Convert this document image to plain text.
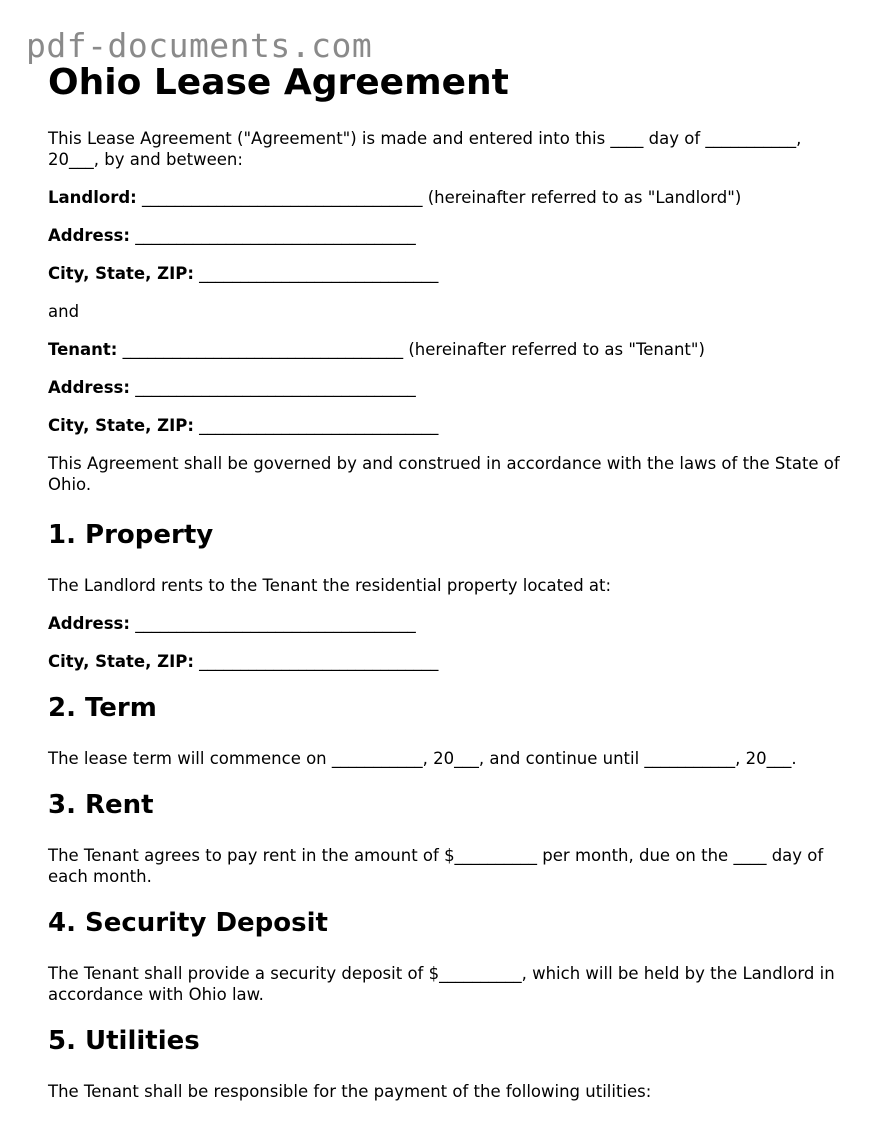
pdf-documents.com
Ohio Lease Agreement

This Lease Agreement ("Agreement") is made and entered into this ____ day of ___________, 20___, by and between:

Landlord: __________________________________ (hereinafter referred to as "Landlord")
Address: __________________________________
City, State, ZIP: _____________________________

and

Tenant: __________________________________ (hereinafter referred to as "Tenant")
Address: __________________________________
City, State, ZIP: _____________________________

This Agreement shall be governed by and construed in accordance with the laws of the State of Ohio.

1. Property

The Landlord rents to the Tenant the residential property located at:

Address: __________________________________
City, State, ZIP: _____________________________
2. Term

The lease term will commence on ___________, 20___, and continue until ___________, 20___.

3. Rent

The Tenant agrees to pay rent in the amount of $__________ per month, due on the ____ day of each month.

4. Security Deposit

The Tenant shall provide a security deposit of $__________, which will be held by the Landlord in accordance with Ohio law.

5. Utilities

The Tenant shall be responsible for the payment of the following utilities:
